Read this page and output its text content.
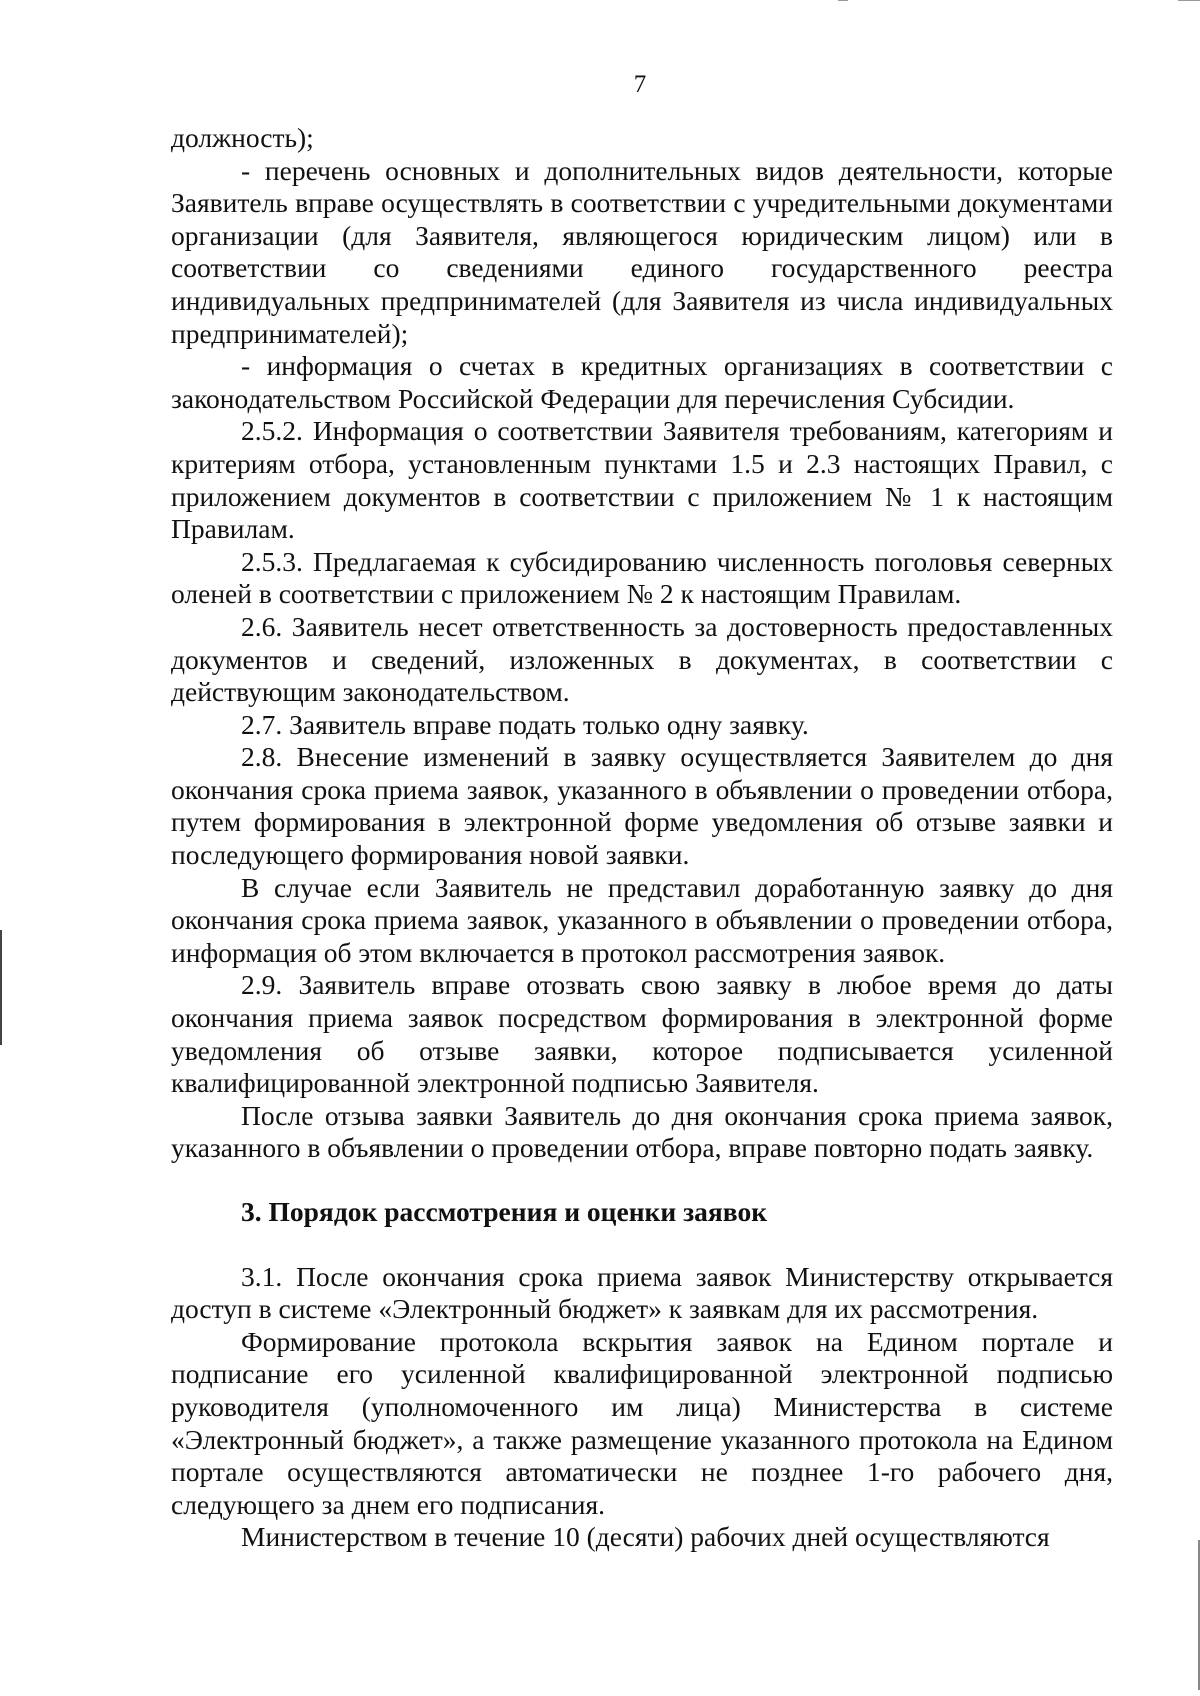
7

должность);

- перечень основных и дополнительных видов деятельности, которые Заявитель вправе осуществлять в соответствии с учредительными документами организации (для Заявителя, являющегося юридическим лицом) или в соответствии со сведениями единого государственного реестра индивидуальных предпринимателей (для Заявителя из числа индивидуальных предпринимателей);

- информация о счетах в кредитных организациях в соответствии с законодательством Российской Федерации для перечисления Субсидии.

2.5.2. Информация о соответствии Заявителя требованиям, категориям и критериям отбора, установленным пунктами 1.5 и 2.3 настоящих Правил, с приложением документов в соответствии с приложением № 1 к настоящим Правилам.

2.5.3. Предлагаемая к субсидированию численность поголовья северных оленей в соответствии с приложением № 2 к настоящим Правилам.

2.6. Заявитель несет ответственность за достоверность предоставленных документов и сведений, изложенных в документах, в соответствии с действующим законодательством.

2.7. Заявитель вправе подать только одну заявку.

2.8. Внесение изменений в заявку осуществляется Заявителем до дня окончания срока приема заявок, указанного в объявлении о проведении отбора, путем формирования в электронной форме уведомления об отзыве заявки и последующего формирования новой заявки.

В случае если Заявитель не представил доработанную заявку до дня окончания срока приема заявок, указанного в объявлении о проведении отбора, информация об этом включается в протокол рассмотрения заявок.

2.9. Заявитель вправе отозвать свою заявку в любое время до даты окончания приема заявок посредством формирования в электронной форме уведомления об отзыве заявки, которое подписывается усиленной квалифицированной электронной подписью Заявителя.

После отзыва заявки Заявитель до дня окончания срока приема заявок, указанного в объявлении о проведении отбора, вправе повторно подать заявку.

3. Порядок рассмотрения и оценки заявок

3.1. После окончания срока приема заявок Министерству открывается доступ в системе «Электронный бюджет» к заявкам для их рассмотрения.

Формирование протокола вскрытия заявок на Едином портале и подписание его усиленной квалифицированной электронной подписью руководителя (уполномоченного им лица) Министерства в системе «Электронный бюджет», а также размещение указанного протокола на Едином портале осуществляются автоматически не позднее 1-го рабочего дня, следующего за днем его подписания.

Министерством в течение 10 (десяти) рабочих дней осуществляются
